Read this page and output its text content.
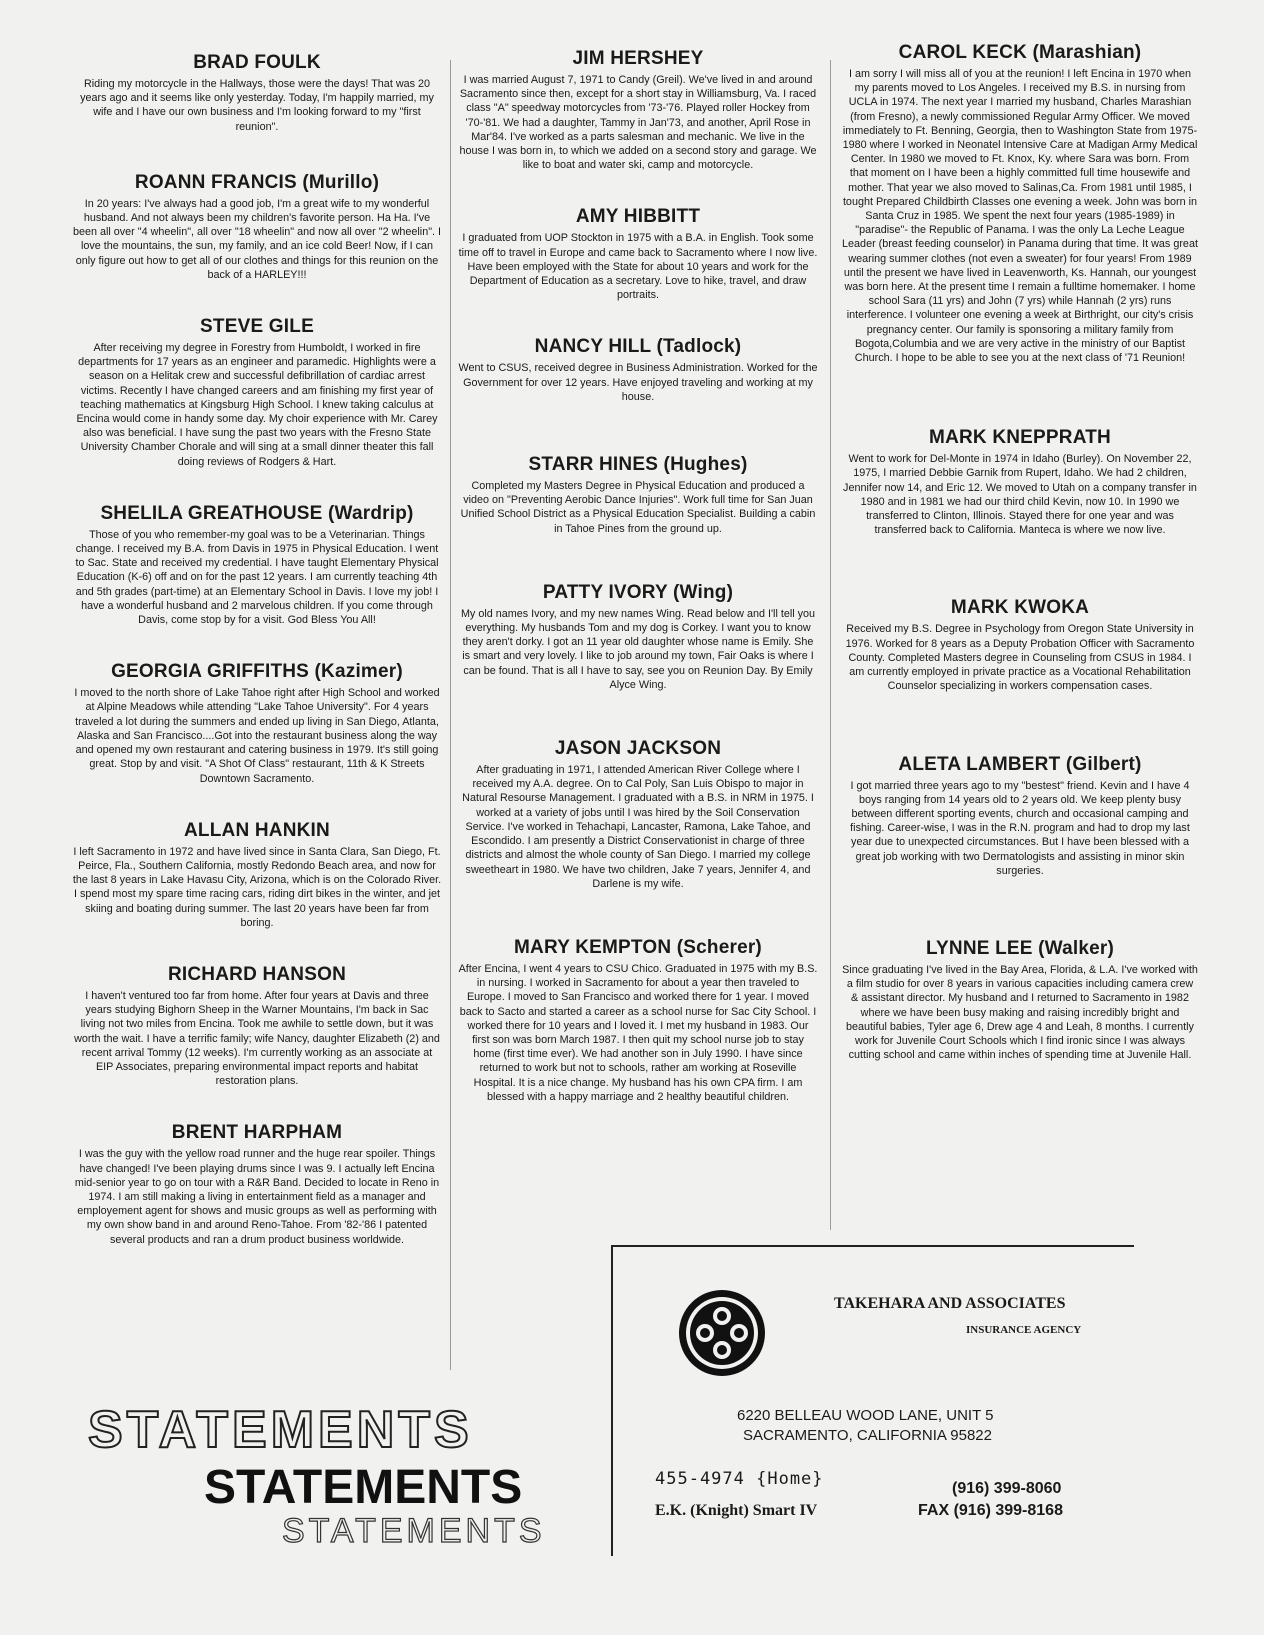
BRAD FOULK

Riding my motorcycle in the Hallways, those were the days! That was 20 years ago and it seems like only yesterday. Today, I'm happily married, my wife and I have our own business and I'm looking forward to my "first reunion".

ROANN FRANCIS (Murillo)

In 20 years: I've always had a good job, I'm a great wife to my wonderful husband. And not always been my children's favorite person. Ha Ha. I've been all over "4 wheelin", all over "18 wheelin" and now all over "2 wheelin". I love the mountains, the sun, my family, and an ice cold Beer! Now, if I can only figure out how to get all of our clothes and things for this reunion on the back of a HARLEY!!!

STEVE GILE

After receiving my degree in Forestry from Humboldt, I worked in fire departments for 17 years as an engineer and paramedic. Highlights were a season on a Helitak crew and successful defibrillation of cardiac arrest victims. Recently I have changed careers and am finishing my first year of teaching mathematics at Kingsburg High School. I knew taking calculus at Encina would come in handy some day. My choir experience with Mr. Carey also was beneficial. I have sung the past two years with the Fresno State University Chamber Chorale and will sing at a small dinner theater this fall doing reviews of Rodgers & Hart.

SHELILA GREATHOUSE (Wardrip)

Those of you who remember-my goal was to be a Veterinarian. Things change. I received my B.A. from Davis in 1975 in Physical Education. I went to Sac. State and received my credential. I have taught Elementary Physical Education (K-6) off and on for the past 12 years. I am currently teaching 4th and 5th grades (part-time) at an Elementary School in Davis. I love my job! I have a wonderful husband and 2 marvelous children. If you come through Davis, come stop by for a visit. God Bless You All!

GEORGIA GRIFFITHS (Kazimer)

I moved to the north shore of Lake Tahoe right after High School and worked at Alpine Meadows while attending "Lake Tahoe University". For 4 years traveled a lot during the summers and ended up living in San Diego, Atlanta, Alaska and San Francisco....Got into the restaurant business along the way and opened my own restaurant and catering business in 1979. It's still going great. Stop by and visit. "A Shot Of Class" restaurant, 11th & K Streets Downtown Sacramento.

ALLAN HANKIN

I left Sacramento in 1972 and have lived since in Santa Clara, San Diego, Ft. Peirce, Fla., Southern California, mostly Redondo Beach area, and now for the last 8 years in Lake Havasu City, Arizona, which is on the Colorado River. I spend most my spare time racing cars, riding dirt bikes in the winter, and jet skiing and boating during summer. The last 20 years have been far from boring.

RICHARD HANSON

I haven't ventured too far from home. After four years at Davis and three years studying Bighorn Sheep in the Warner Mountains, I'm back in Sac living not two miles from Encina. Took me awhile to settle down, but it was worth the wait. I have a terrific family; wife Nancy, daughter Elizabeth (2) and recent arrival Tommy (12 weeks). I'm currently working as an associate at EIP Associates, preparing environmental impact reports and habitat restoration plans.

BRENT HARPHAM

I was the guy with the yellow road runner and the huge rear spoiler. Things have changed! I've been playing drums since I was 9. I actually left Encina mid-senior year to go on tour with a R&R Band. Decided to locate in Reno in 1974. I am still making a living in entertainment field as a manager and employement agent for shows and music groups as well as performing with my own show band in and around Reno-Tahoe. From '82-'86 I patented several products and ran a drum product business worldwide.

JIM HERSHEY

I was married August 7, 1971 to Candy (Greil). We've lived in and around Sacramento since then, except for a short stay in Williamsburg, Va. I raced class "A" speedway motorcycles from '73-'76. Played roller Hockey from '70-'81. We had a daughter, Tammy in Jan'73, and another, April Rose in Mar'84. I've worked as a parts salesman and mechanic. We live in the house I was born in, to which we added on a second story and garage. We like to boat and water ski, camp and motorcycle.

AMY HIBBITT

I graduated from UOP Stockton in 1975 with a B.A. in English. Took some time off to travel in Europe and came back to Sacramento where I now live. Have been employed with the State for about 10 years and work for the Department of Education as a secretary. Love to hike, travel, and draw portraits.

NANCY HILL (Tadlock)

Went to CSUS, received degree in Business Administration. Worked for the Government for over 12 years. Have enjoyed traveling and working at my house.

STARR HINES (Hughes)

Completed my Masters Degree in Physical Education and produced a video on "Preventing Aerobic Dance Injuries". Work full time for San Juan Unified School District as a Physical Education Specialist. Building a cabin in Tahoe Pines from the ground up.

PATTY IVORY (Wing)

My old names Ivory, and my new names Wing. Read below and I'll tell you everything. My husbands Tom and my dog is Corkey. I want you to know they aren't dorky. I got an 11 year old daughter whose name is Emily. She is smart and very lovely. I like to job around my town, Fair Oaks is where I can be found. That is all I have to say, see you on Reunion Day. By Emily Alyce Wing.

JASON JACKSON

After graduating in 1971, I attended American River College where I received my A.A. degree. On to Cal Poly, San Luis Obispo to major in Natural Resourse Management. I graduated with a B.S. in NRM in 1975. I worked at a variety of jobs until I was hired by the Soil Conservation Service. I've worked in Tehachapi, Lancaster, Ramona, Lake Tahoe, and Escondido. I am presently a District Conservationist in charge of three districts and almost the whole county of San Diego. I married my college sweetheart in 1980. We have two children, Jake 7 years, Jennifer 4, and Darlene is my wife.

MARY KEMPTON (Scherer)

After Encina, I went 4 years to CSU Chico. Graduated in 1975 with my B.S. in nursing. I worked in Sacramento for about a year then traveled to Europe. I moved to San Francisco and worked there for 1 year. I moved back to Sacto and started a career as a school nurse for Sac City School. I worked there for 10 years and I loved it. I met my husband in 1983. Our first son was born March 1987. I then quit my school nurse job to stay home (first time ever). We had another son in July 1990. I have since returned to work but not to schools, rather am working at Roseville Hospital. It is a nice change. My husband has his own CPA firm. I am blessed with a happy marriage and 2 healthy beautiful children.

CAROL KECK (Marashian)

I am sorry I will miss all of you at the reunion! I left Encina in 1970 when my parents moved to Los Angeles. I received my B.S. in nursing from UCLA in 1974. The next year I married my husband, Charles Marashian (from Fresno), a newly commissioned Regular Army Officer. We moved immediately to Ft. Benning, Georgia, then to Washington State from 1975-1980 where I worked in Neonatel Intensive Care at Madigan Army Medical Center. In 1980 we moved to Ft. Knox, Ky. where Sara was born. From that moment on I have been a highly committed full time housewife and mother. That year we also moved to Salinas,Ca. From 1981 until 1985, I tought Prepared Childbirth Classes one evening a week. John was born in Santa Cruz in 1985. We spent the next four years (1985-1989) in "paradise"- the Republic of Panama. I was the only La Leche League Leader (breast feeding counselor) in Panama during that time. It was great wearing summer clothes (not even a sweater) for four years! From 1989 until the present we have lived in Leavenworth, Ks. Hannah, our youngest was born here. At the present time I remain a fulltime homemaker. I home school Sara (11 yrs) and John (7 yrs) while Hannah (2 yrs) runs interference. I volunteer one evening a week at Birthright, our city's crisis pregnancy center. Our family is sponsoring a military family from Bogota,Columbia and we are very active in the ministry of our Baptist Church. I hope to be able to see you at the next class of '71 Reunion!

MARK KNEPPRATH

Went to work for Del-Monte in 1974 in Idaho (Burley). On November 22, 1975, I married Debbie Garnik from Rupert, Idaho. We had 2 children, Jennifer now 14, and Eric 12. We moved to Utah on a company transfer in 1980 and in 1981 we had our third child Kevin, now 10. In 1990 we transferred to Clinton, Illinois. Stayed there for one year and was transferred back to California. Manteca is where we now live.

MARK KWOKA

Received my B.S. Degree in Psychology from Oregon State University in 1976. Worked for 8 years as a Deputy Probation Officer with Sacramento County. Completed Masters degree in Counseling from CSUS in 1984. I am currently employed in private practice as a Vocational Rehabilitation Counselor specializing in workers compensation cases.

ALETA LAMBERT (Gilbert)

I got married three years ago to my "bestest" friend. Kevin and I have 4 boys ranging from 14 years old to 2 years old. We keep plenty busy between different sporting events, church and occasional camping and fishing. Career-wise, I was in the R.N. program and had to drop my last year due to unexpected circumstances. But I have been blessed with a great job working with two Dermatologists and assisting in minor skin surgeries.

LYNNE LEE (Walker)

Since graduating I've lived in the Bay Area, Florida, & L.A. I've worked with a film studio for over 8 years in various capacities including camera crew & assistant director. My husband and I returned to Sacramento in 1982 where we have been busy making and raising incredibly bright and beautiful babies, Tyler age 6, Drew age 4 and Leah, 8 months. I currently work for Juvenile Court Schools which I find ironic since I was always cutting school and came within inches of spending time at Juvenile Hall.

STATEMENTS
STATEMENTS
STATEMENTS
TAKEHARA AND ASSOCIATES
INSURANCE AGENCY
6220 BELLEAU WOOD LANE, UNIT 5
SACRAMENTO, CALIFORNIA 95822
455-4974 {Home}	(916) 399-8060
E.K. (Knight) Smart IV	FAX (916) 399-8168
